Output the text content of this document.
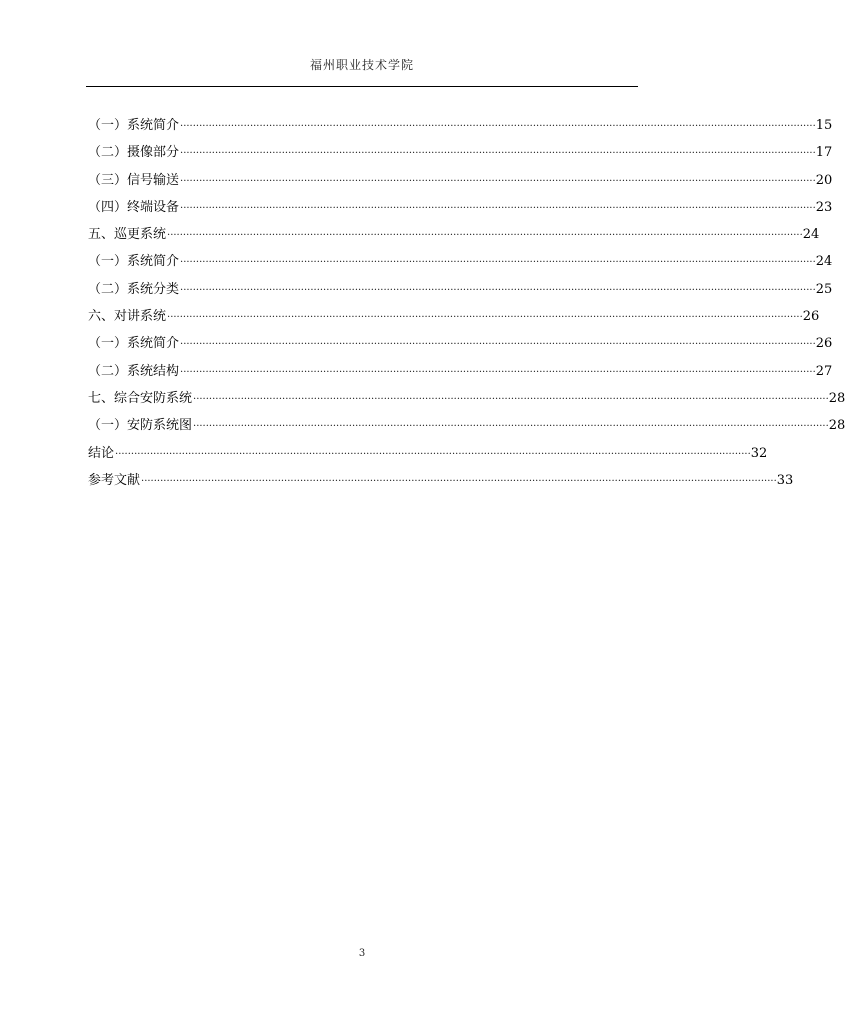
福州职业技术学院
（一）系统简介 ········································································································································································································ 15
（二）摄像部分 ········································································································································································································ 17
（三）信号输送 ········································································································································································································ 20
（四）终端设备 ········································································································································································································ 23
五、巡更系统 ········································································································································································································ 24
（一）系统简介 ········································································································································································································ 24
（二）系统分类 ········································································································································································································ 25
六、对讲系统 ········································································································································································································ 26
（一）系统简介 ········································································································································································································ 26
（二）系统结构 ········································································································································································································ 27
七、综合安防系统 ········································································································································································································ 28
（一）安防系统图 ········································································································································································································ 28
结论 ········································································································································································································ 32
参考文献 ········································································································································································································ 33
3
